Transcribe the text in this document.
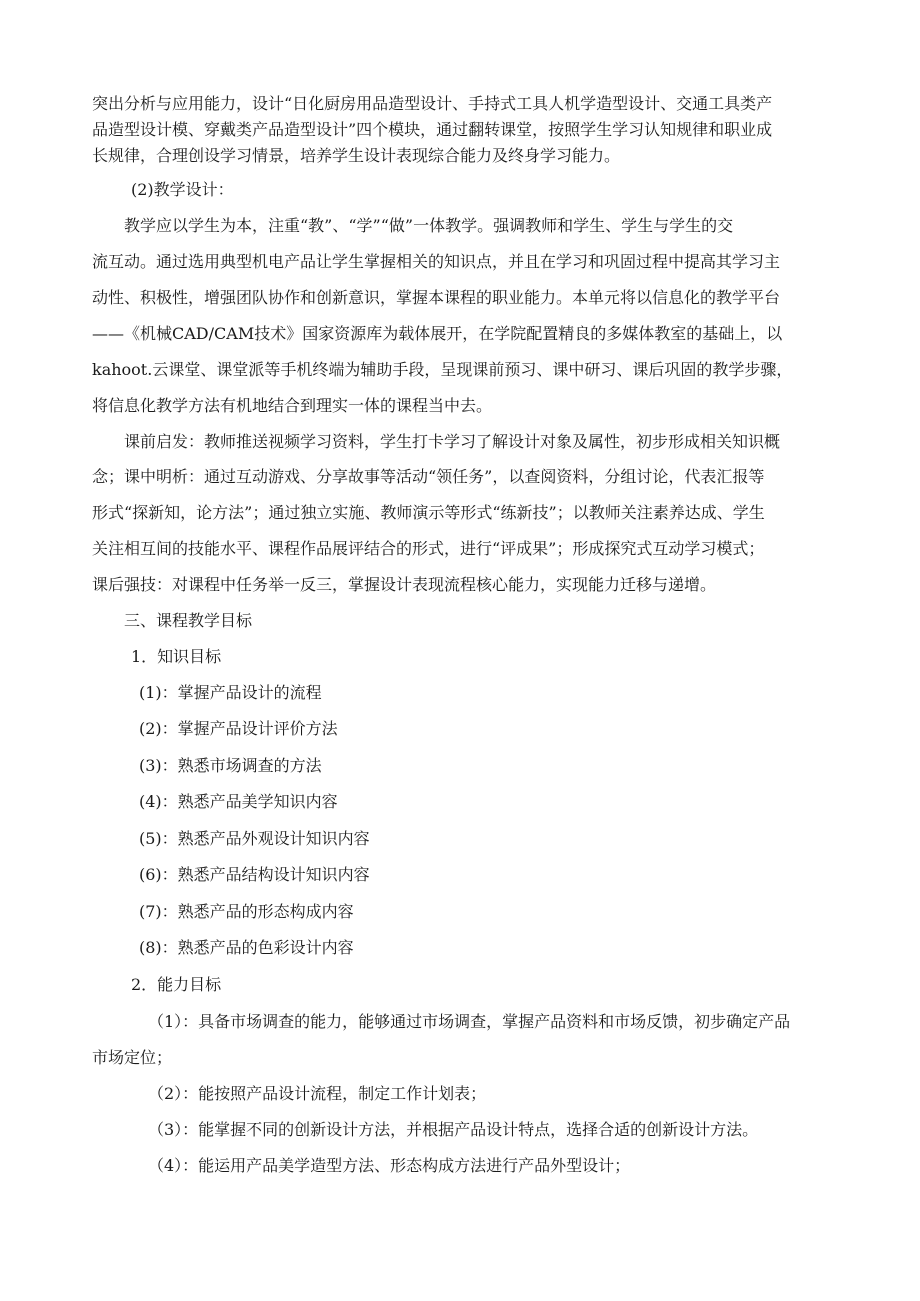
突出分析与应用能力，设计“日化厨房用品造型设计、手持式工具人机学造型设计、交通工具类产
品造型设计模、穿戴类产品造型设计”四个模块，通过翻转课堂，按照学生学习认知规律和职业成
长规律，合理创设学习情景，培养学生设计表现综合能力及终身学习能力。
(2)教学设计：
教学应以学生为本，注重“教”、“学”“做”一体教学。强调教师和学生、学生与学生的交
流互动。通过选用典型机电产品让学生掌握相关的知识点，并且在学习和巩固过程中提高其学习主
动性、积极性，增强团队协作和创新意识，掌握本课程的职业能力。本单元将以信息化的教学平台
——《机械CAD/CAM技术》国家资源库为载体展开，在学院配置精良的多媒体教室的基础上，以
kahoot.云课堂、课堂派等手机终端为辅助手段，呈现课前预习、课中研习、课后巩固的教学步骤，
将信息化教学方法有机地结合到理实一体的课程当中去。
课前启发：教师推送视频学习资料，学生打卡学习了解设计对象及属性，初步形成相关知识概
念；课中明析：通过互动游戏、分享故事等活动“领任务”，以查阅资料，分组讨论，代表汇报等
形式“探新知，论方法”；通过独立实施、教师演示等形式“练新技”；以教师关注素养达成、学生
关注相互间的技能水平、课程作品展评结合的形式，进行“评成果”；形成探究式互动学习模式；
课后强技：对课程中任务举一反三，掌握设计表现流程核心能力，实现能力迁移与递增。
三、课程教学目标
1．知识目标
(1)：掌握产品设计的流程
(2)：掌握产品设计评价方法
(3)：熟悉市场调查的方法
(4)：熟悉产品美学知识内容
(5)：熟悉产品外观设计知识内容
(6)：熟悉产品结构设计知识内容
(7)：熟悉产品的形态构成内容
(8)：熟悉产品的色彩设计内容
2．能力目标
（1）：具备市场调查的能力，能够通过市场调查，掌握产品资料和市场反馈，初步确定产品
市场定位；
（2）：能按照产品设计流程，制定工作计划表；
（3）：能掌握不同的创新设计方法，并根据产品设计特点，选择合适的创新设计方法。
（4）：能运用产品美学造型方法、形态构成方法进行产品外型设计；
